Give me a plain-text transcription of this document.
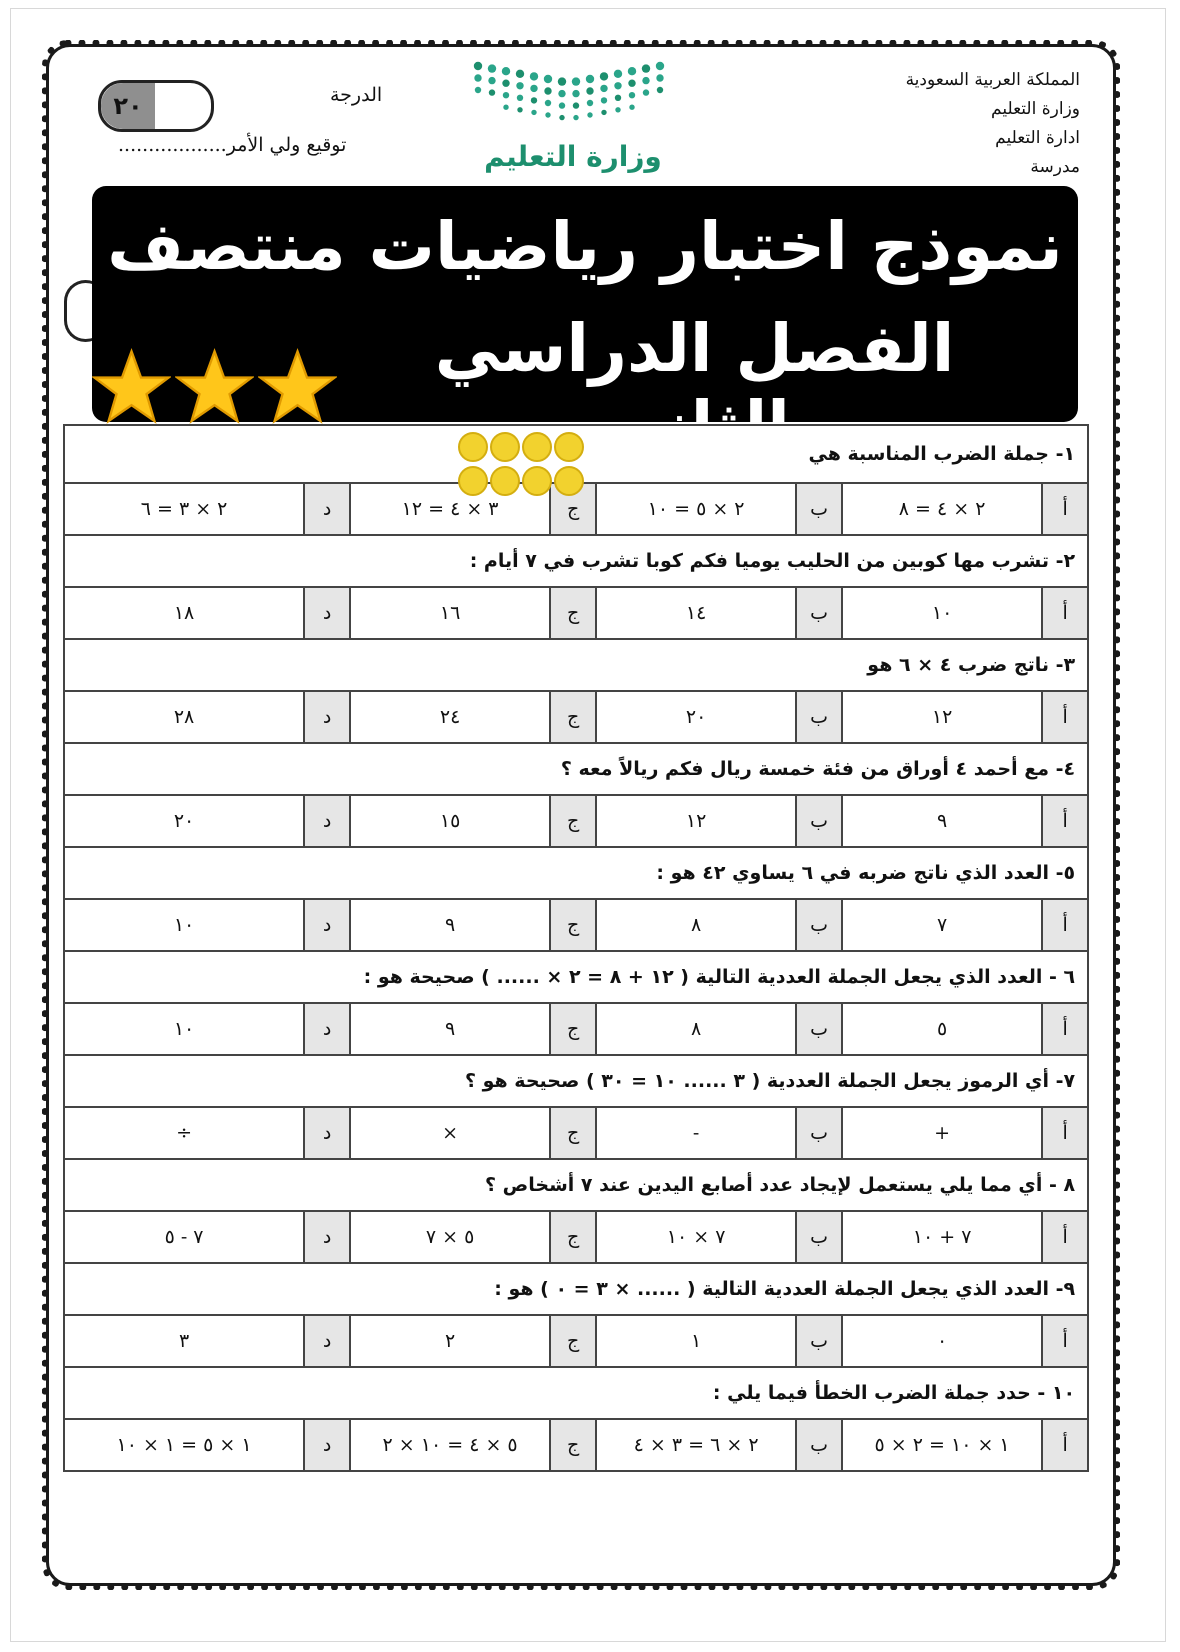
المملكة العربية السعودية
وزارة التعليم
ادارة التعليم
مدرسة
وزارة التعليم
الدرجة
٢٠
توقيع ولي الأمر..................
نموذج اختبار رياضيات منتصف
الفصل الدراسي الثاني ١- جملة الضرب المناسبة هي							
أ	٢ × ٤ = ٨	ب	٢ × ٥ = ١٠	ج	٣ × ٤ = ١٢	د	٢ × ٣ = ٦
٢- تشرب مها كوبين من الحليب يوميا فكم كوبا تشرب في ٧ أيام :							
أ	١٠	ب	١٤	ج	١٦	د	١٨
٣- ناتج ضرب ٤ × ٦ هو							
أ	١٢	ب	٢٠	ج	٢٤	د	٢٨
٤- مع أحمد ٤ أوراق من فئة خمسة ريال فكم ريالاً معه ؟							
أ	٩	ب	١٢	ج	١٥	د	٢٠
٥- العدد الذي ناتج ضربه في ٦ يساوي ٤٢ هو :							
أ	٧	ب	٨	ج	٩	د	١٠
٦ - العدد الذي يجعل الجملة العددية التالية ( ١٢ + ٨ = ٢ × ...... ) صحيحة هو :							
أ	٥	ب	٨	ج	٩	د	١٠
٧- أي الرموز يجعل الجملة العددية ( ٣ ...... ١٠ = ٣٠ ) صحيحة هو ؟							
أ	+	ب	-	ج	×	د	÷
٨ - أي مما يلي يستعمل لإيجاد عدد أصابع اليدين عند ٧ أشخاص ؟							
أ	٧ + ١٠	ب	٧ × ١٠	ج	٥ × ٧	د	٧ - ٥
٩- العدد الذي يجعل الجملة العددية التالية ( ...... × ٣ = ٠ ) هو :							
أ	٠	ب	١	ج	٢	د	٣
١٠ - حدد جملة الضرب الخطأ فيما يلي :							
أ	١ × ١٠ = ٢ × ٥	ب	٢ × ٦ = ٣ × ٤	ج	٥ × ٤ = ١٠ × ٢	د	١ × ٥ = ١ × ١٠
